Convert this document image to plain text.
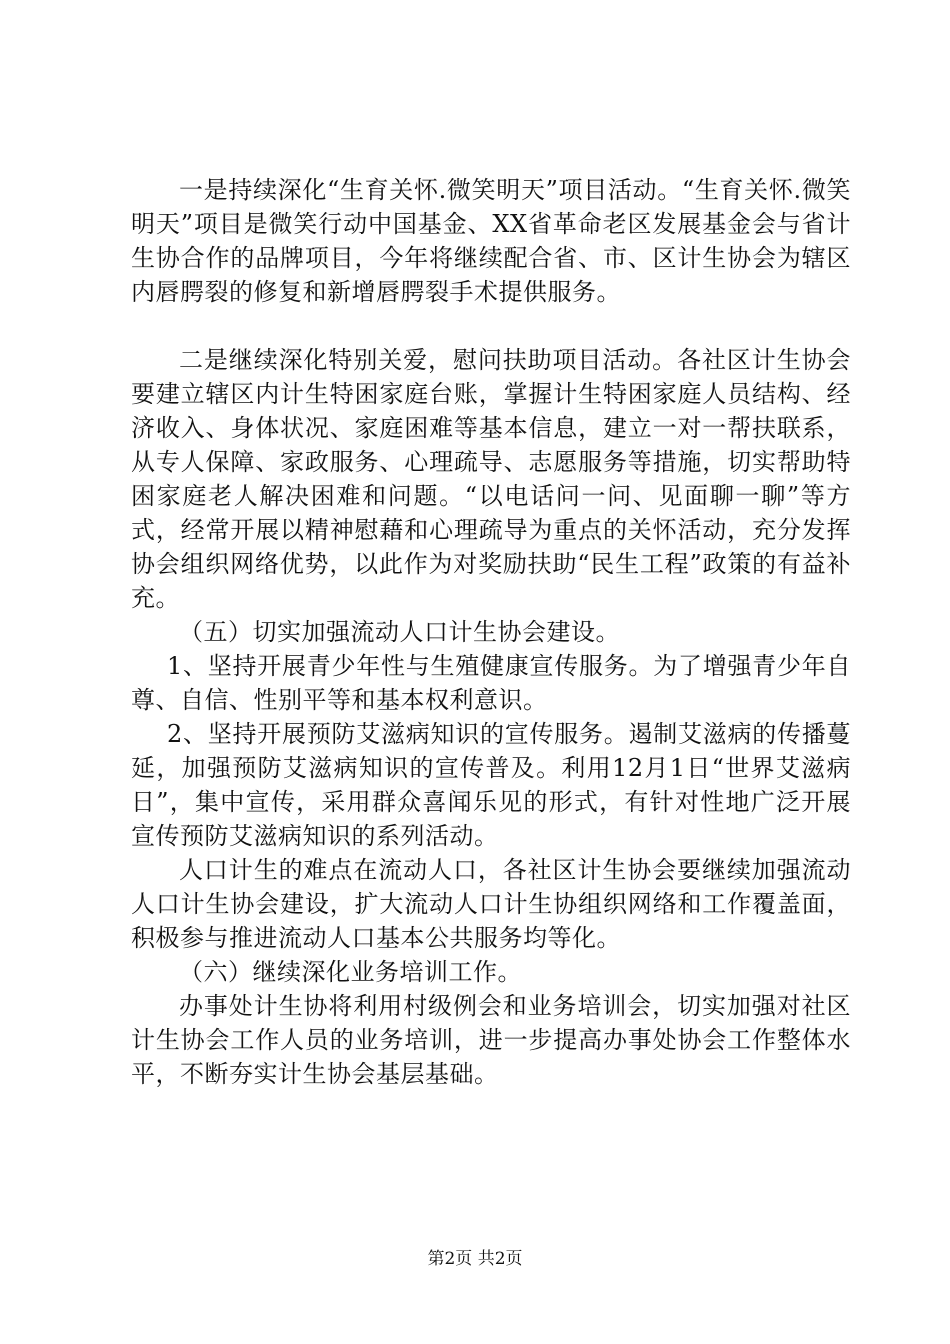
一是持续深化“生育关怀.微笑明天”项目活动。“生育关怀.微笑明天”项目是微笑行动中国基金、XX省革命老区发展基金会与省计生协合作的品牌项目，今年将继续配合省、市、区计生协会为辖区内唇腭裂的修复和新增唇腭裂手术提供服务。

二是继续深化特别关爱，慰问扶助项目活动。各社区计生协会要建立辖区内计生特困家庭台账，掌握计生特困家庭人员结构、经济收入、身体状况、家庭困难等基本信息，建立一对一帮扶联系，从专人保障、家政服务、心理疏导、志愿服务等措施，切实帮助特困家庭老人解决困难和问题。“以电话问一问、见面聊一聊”等方式，经常开展以精神慰藉和心理疏导为重点的关怀活动，充分发挥协会组织网络优势，以此作为对奖励扶助“民生工程”政策的有益补充。

（五）切实加强流动人口计生协会建设。

1、坚持开展青少年性与生殖健康宣传服务。为了增强青少年自尊、自信、性别平等和基本权利意识。

2、坚持开展预防艾滋病知识的宣传服务。遏制艾滋病的传播蔓延，加强预防艾滋病知识的宣传普及。利用12月1日“世界艾滋病日”，集中宣传，采用群众喜闻乐见的形式，有针对性地广泛开展宣传预防艾滋病知识的系列活动。

人口计生的难点在流动人口，各社区计生协会要继续加强流动人口计生协会建设，扩大流动人口计生协组织网络和工作覆盖面，积极参与推进流动人口基本公共服务均等化。

（六）继续深化业务培训工作。

办事处计生协将利用村级例会和业务培训会，切实加强对社区计生协会工作人员的业务培训，进一步提高办事处协会工作整体水平，不断夯实计生协会基层基础。

第2页 共2页
